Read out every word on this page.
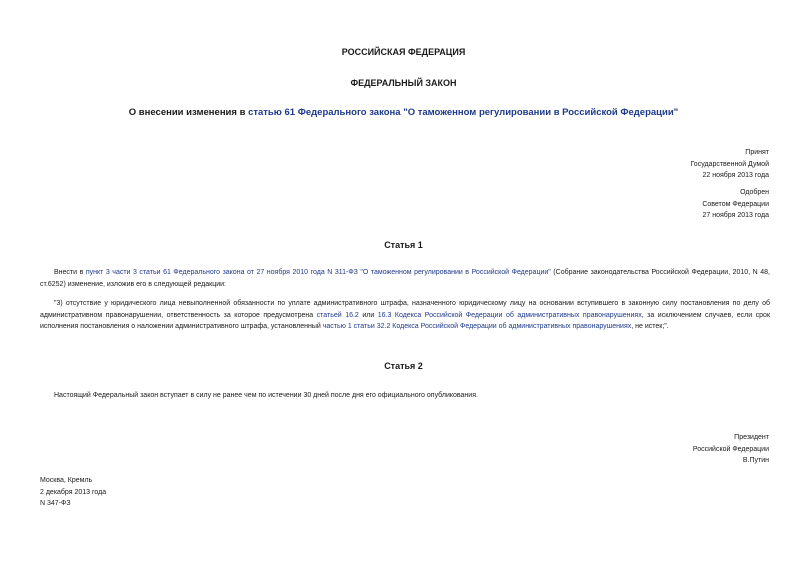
РОССИЙСКАЯ ФЕДЕРАЦИЯ
ФЕДЕРАЛЬНЫЙ ЗАКОН
О внесении изменения в статью 61 Федерального закона "О таможенном регулировании в Российской Федерации"
Принят
Государственной Думой
22 ноября 2013 года
Одобрен
Советом Федерации
27 ноября 2013 года
Статья 1
Внести в пункт 3 части 3 статьи 61 Федерального закона от 27 ноября 2010 года N 311-ФЗ "О таможенном регулировании в Российской Федерации" (Собрание законодательства Российской Федерации, 2010, N 48, ст.6252) изменение, изложив его в следующей редакции:
"3) отсутствие у юридического лица невыполненной обязанности по уплате административного штрафа, назначенного юридическому лицу на основании вступившего в законную силу постановления по делу об административном правонарушении, ответственность за которое предусмотрена статьей 16.2 или 16.3 Кодекса Российской Федерации об административных правонарушениях, за исключением случаев, если срок исполнения постановления о наложении административного штрафа, установленный частью 1 статьи 32.2 Кодекса Российской Федерации об административных правонарушениях, не истек;".
Статья 2
Настоящий Федеральный закон вступает в силу не ранее чем по истечении 30 дней после дня его официального опубликования.
Президент
Российской Федерации
В.Путин
Москва, Кремль
2 декабря 2013 года
N 347-ФЗ
